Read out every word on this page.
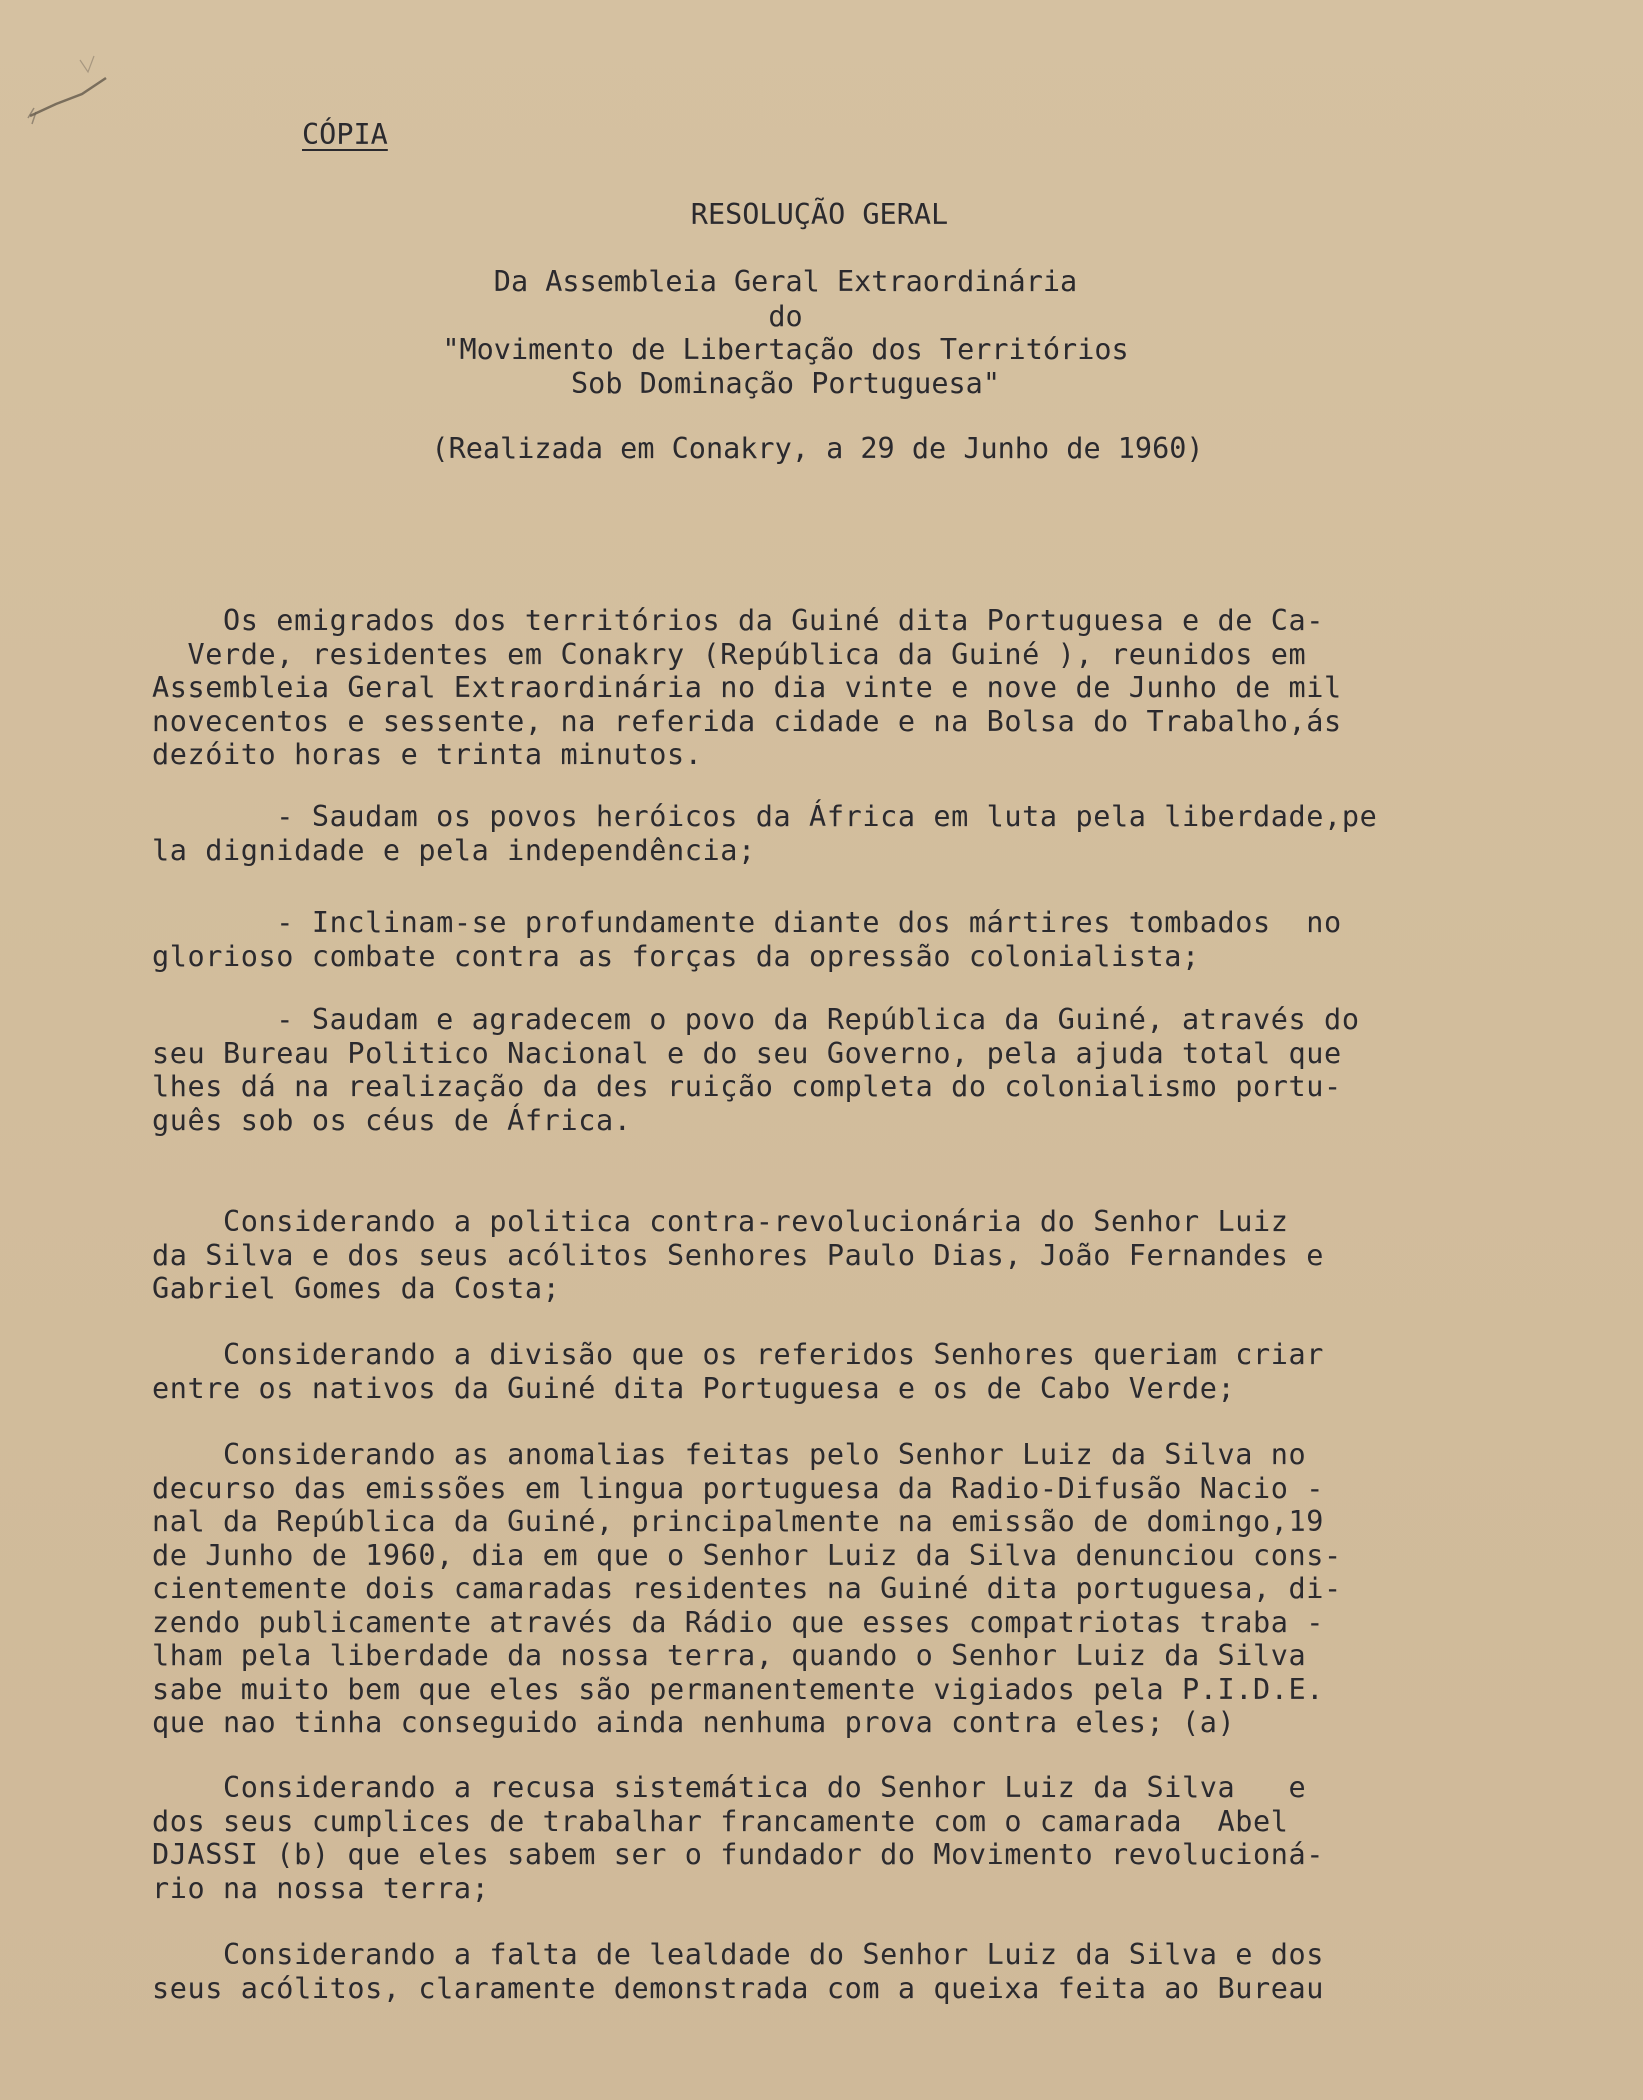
CÓPIA
RESOLUÇÃO GERAL
Da Assembleia Geral Extraordinária
do
"Movimento de Libertação dos Territórios
Sob Dominação Portuguesa"
(Realizada em Conakry, a 29 de Junho de 1960)
Os emigrados dos territórios da Guiné dita Portuguesa e de Ca-
Verde, residentes em Conakry (República da Guiné ), reunidos em
Assembleia Geral Extraordinária no dia vinte e nove de Junho de mil
novecentos e sessente, na referida cidade e na Bolsa do Trabalho,ás
dezóito horas e trinta minutos.
- Saudam os povos heróicos da África em luta pela liberdade,pe
la dignidade e pela independência;
- Inclinam-se profundamente diante dos mártires tombados  no
glorioso combate contra as forças da opressão colonialista;
- Saudam e agradecem o povo da República da Guiné, através do
seu Bureau Politico Nacional e do seu Governo, pela ajuda total que
lhes dá na realização da des ruição completa do colonialismo portu-
guês sob os céus de África.
Considerando a politica contra-revolucionária do Senhor Luiz
da Silva e dos seus acólitos Senhores Paulo Dias, João Fernandes e
Gabriel Gomes da Costa;
Considerando a divisão que os referidos Senhores queriam criar
entre os nativos da Guiné dita Portuguesa e os de Cabo Verde;
Considerando as anomalias feitas pelo Senhor Luiz da Silva no
decurso das emissões em lingua portuguesa da Radio-Difusão Nacio -
nal da República da Guiné, principalmente na emissão de domingo,19
de Junho de 1960, dia em que o Senhor Luiz da Silva denunciou cons-
cientemente dois camaradas residentes na Guiné dita portuguesa, di-
zendo publicamente através da Rádio que esses compatriotas traba -
lham pela liberdade da nossa terra, quando o Senhor Luiz da Silva
sabe muito bem que eles são permanentemente vigiados pela P.I.D.E.
que nao tinha conseguido ainda nenhuma prova contra eles; (a)
Considerando a recusa sistemática do Senhor Luiz da Silva   e
dos seus cumplices de trabalhar francamente com o camarada  Abel
DJASSI (b) que eles sabem ser o fundador do Movimento revolucioná-
rio na nossa terra;
Considerando a falta de lealdade do Senhor Luiz da Silva e dos
seus acólitos, claramente demonstrada com a queixa feita ao Bureau
